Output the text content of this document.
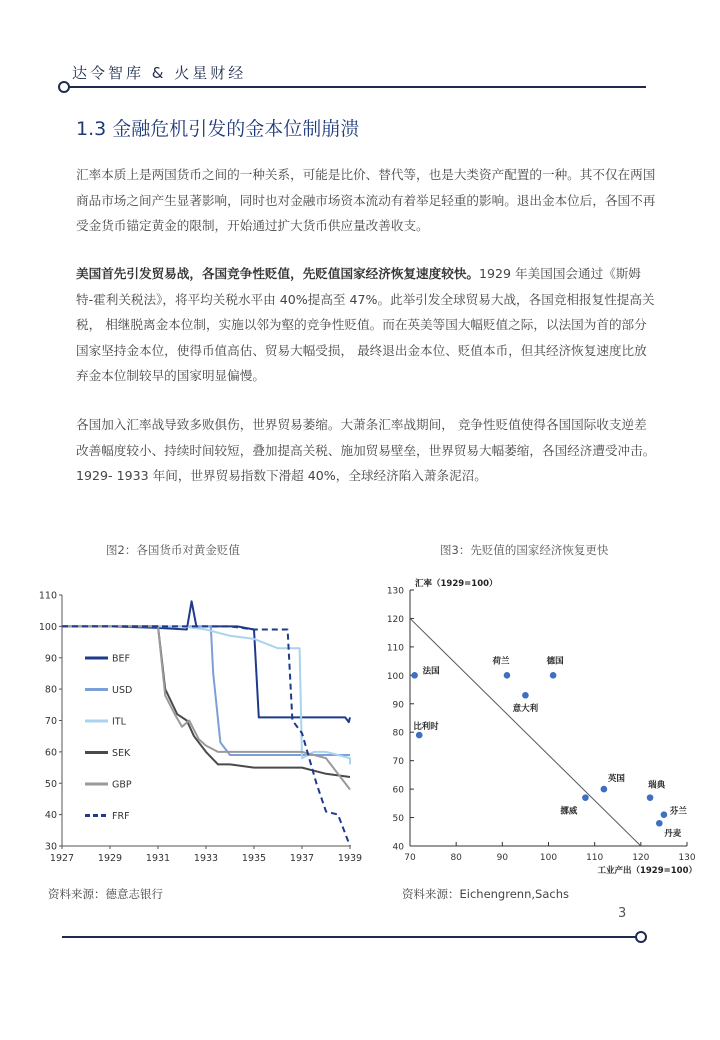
达令智库 & 火星财经
1.3 金融危机引发的金本位制崩溃
汇率本质上是两国货币之间的一种关系，可能是比价、替代等，也是大类资产配置的一种。其不仅在两国商品市场之间产生显著影响，同时也对金融市场资本流动有着举足轻重的影响。退出金本位后，各国不再受金货币锚定黄金的限制，开始通过扩大货币供应量改善收支。
美国首先引发贸易战，各国竞争性贬值，先贬值国家经济恢复速度较快。1929 年美国国会通过《斯姆特-霍利关税法》，将平均关税水平由 40%提高至 47%。此举引发全球贸易大战，各国竞相报复性提高关税， 相继脱离金本位制，实施以邻为壑的竞争性贬值。而在英美等国大幅贬值之际，以法国为首的部分国家坚持金本位，使得币值高估、贸易大幅受损， 最终退出金本位、贬值本币，但其经济恢复速度比放弃金本位制较早的国家明显偏慢。
各国加入汇率战导致多败俱伤，世界贸易萎缩。大萧条汇率战期间， 竞争性贬值使得各国国际收支逆差改善幅度较小、持续时间较短，叠加提高关税、施加贸易壁垒，世界贸易大幅萎缩，各国经济遭受冲击。1929- 1933 年间，世界贸易指数下滑超 40%，全球经济陷入萧条泥沼。
图2：各国货币对黄金贬值	图3：先贬值的国家经济恢复更快
30
40
50
60
70
80
90
100
110
1927	1929	1931	1933	1935	1937	1939
BEF
USD
ITL
SEK
GBP
FRF
40
50
60
70
80
90
100
110
120
130
70	80	90	100	110	120	130
法国
比利时
荷兰
意大利
德国
挪威
英国
瑞典
芬兰
丹麦
汇率（1929=100）
工业产出（1929=100）
资料来源：德意志银行	资料来源：Eichengrenn,Sachs
3
